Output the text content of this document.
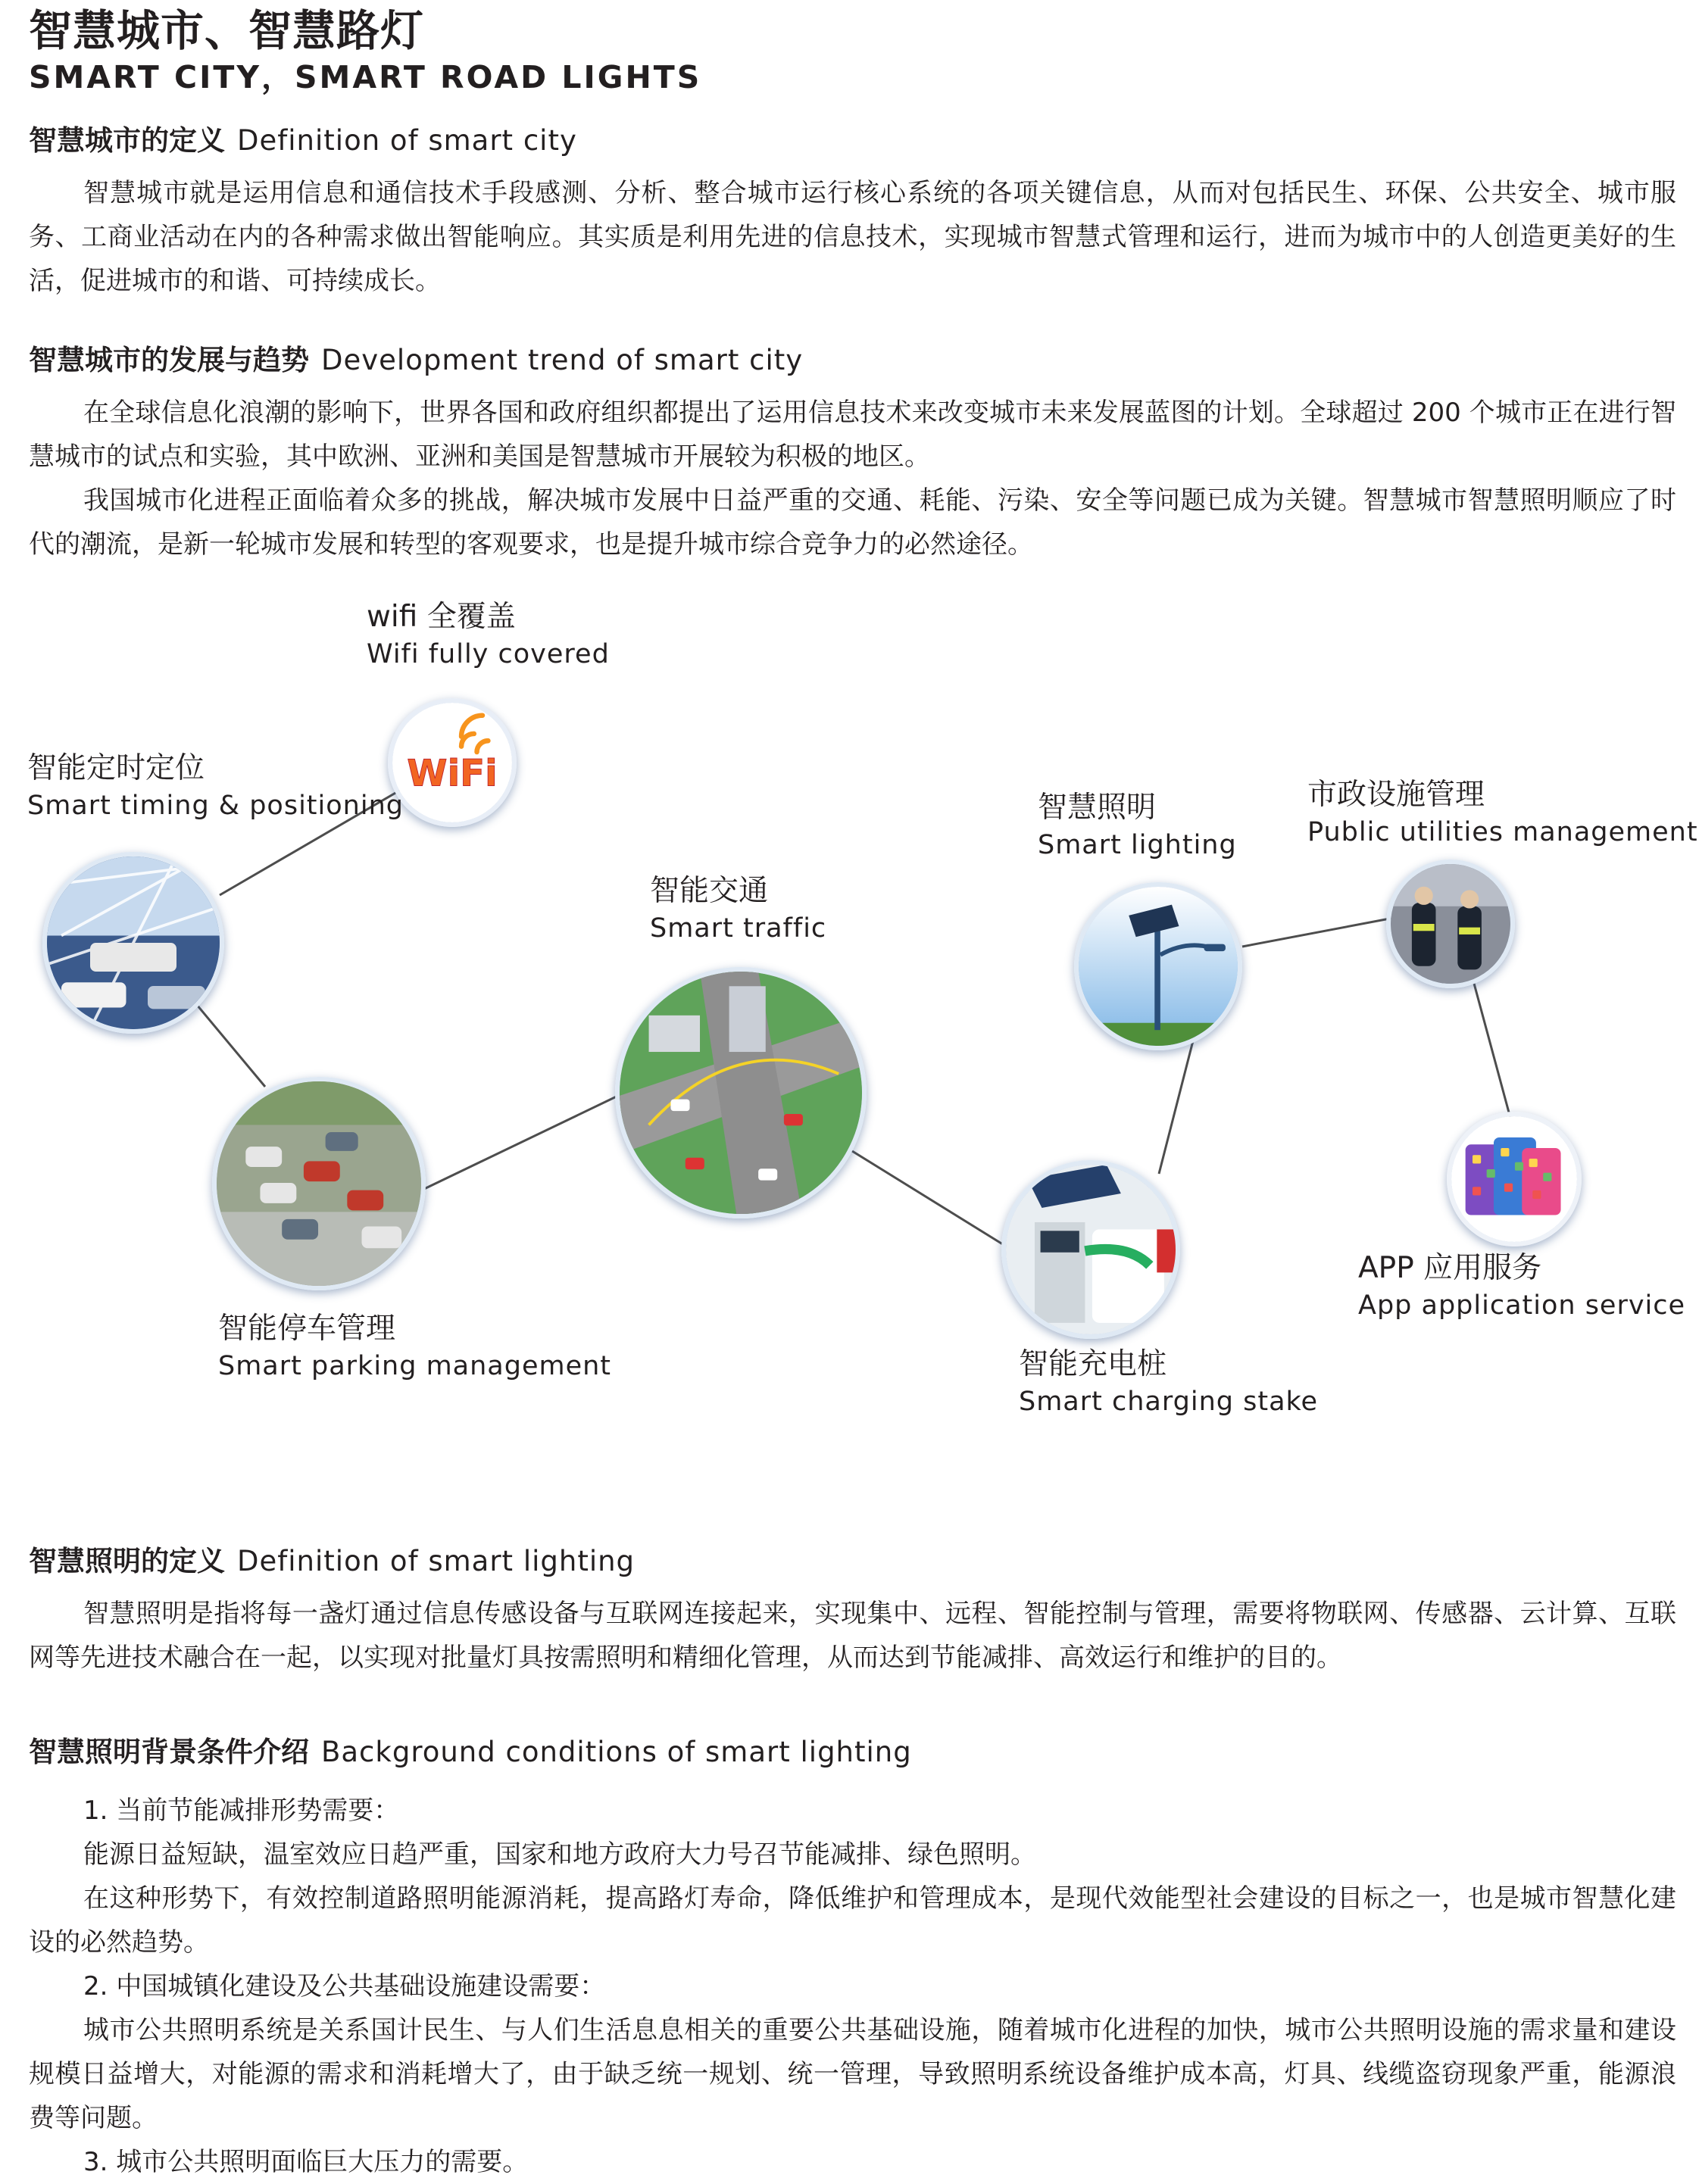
智慧城市、智慧路灯
SMART CITY，SMART ROAD LIGHTS
智慧城市的定义 Definition of smart city

智慧城市就是运用信息和通信技术手段感测、分析、整合城市运行核心系统的各项关键信息，从而对包括民生、环保、公共安全、城市服务、工商业活动在内的各种需求做出智能响应。其实质是利用先进的信息技术，实现城市智慧式管理和运行，进而为城市中的人创造更美好的生活，促进城市的和谐、可持续成长。

智慧城市的发展与趋势 Development trend of smart city

在全球信息化浪潮的影响下，世界各国和政府组织都提出了运用信息技术来改变城市未来发展蓝图的计划。全球超过 200 个城市正在进行智慧城市的试点和实验，其中欧洲、亚洲和美国是智慧城市开展较为积极的地区。

我国城市化进程正面临着众多的挑战，解决城市发展中日益严重的交通、耗能、污染、安全等问题已成为关键。智慧城市智慧照明顺应了时代的潮流，是新一轮城市发展和转型的客观要求，也是提升城市综合竞争力的必然途径。

WiFi
wifi 全覆盖
Wifi fully covered
智能定时定位
Smart timing & positioning
智能停车管理
Smart parking management
智能交通
Smart traffic
智慧照明
Smart lighting
市政设施管理
Public utilities management
APP 应用服务
App application service
智能充电桩
Smart charging stake
智慧照明的定义 Definition of smart lighting

智慧照明是指将每一盏灯通过信息传感设备与互联网连接起来，实现集中、远程、智能控制与管理，需要将物联网、传感器、云计算、互联网等先进技术融合在一起，以实现对批量灯具按需照明和精细化管理，从而达到节能减排、高效运行和维护的目的。

智慧照明背景条件介绍 Background conditions of smart lighting

1. 当前节能减排形势需要：

能源日益短缺，温室效应日趋严重，国家和地方政府大力号召节能减排、绿色照明。

在这种形势下，有效控制道路照明能源消耗，提高路灯寿命，降低维护和管理成本，是现代效能型社会建设的目标之一，也是城市智慧化建设的必然趋势。

2. 中国城镇化建设及公共基础设施建设需要：

城市公共照明系统是关系国计民生、与人们生活息息相关的重要公共基础设施，随着城市化进程的加快，城市公共照明设施的需求量和建设规模日益增大，对能源的需求和消耗增大了，由于缺乏统一规划、统一管理，导致照明系统设备维护成本高，灯具、线缆盗窃现象严重，能源浪费等问题。

3. 城市公共照明面临巨大压力的需要。
